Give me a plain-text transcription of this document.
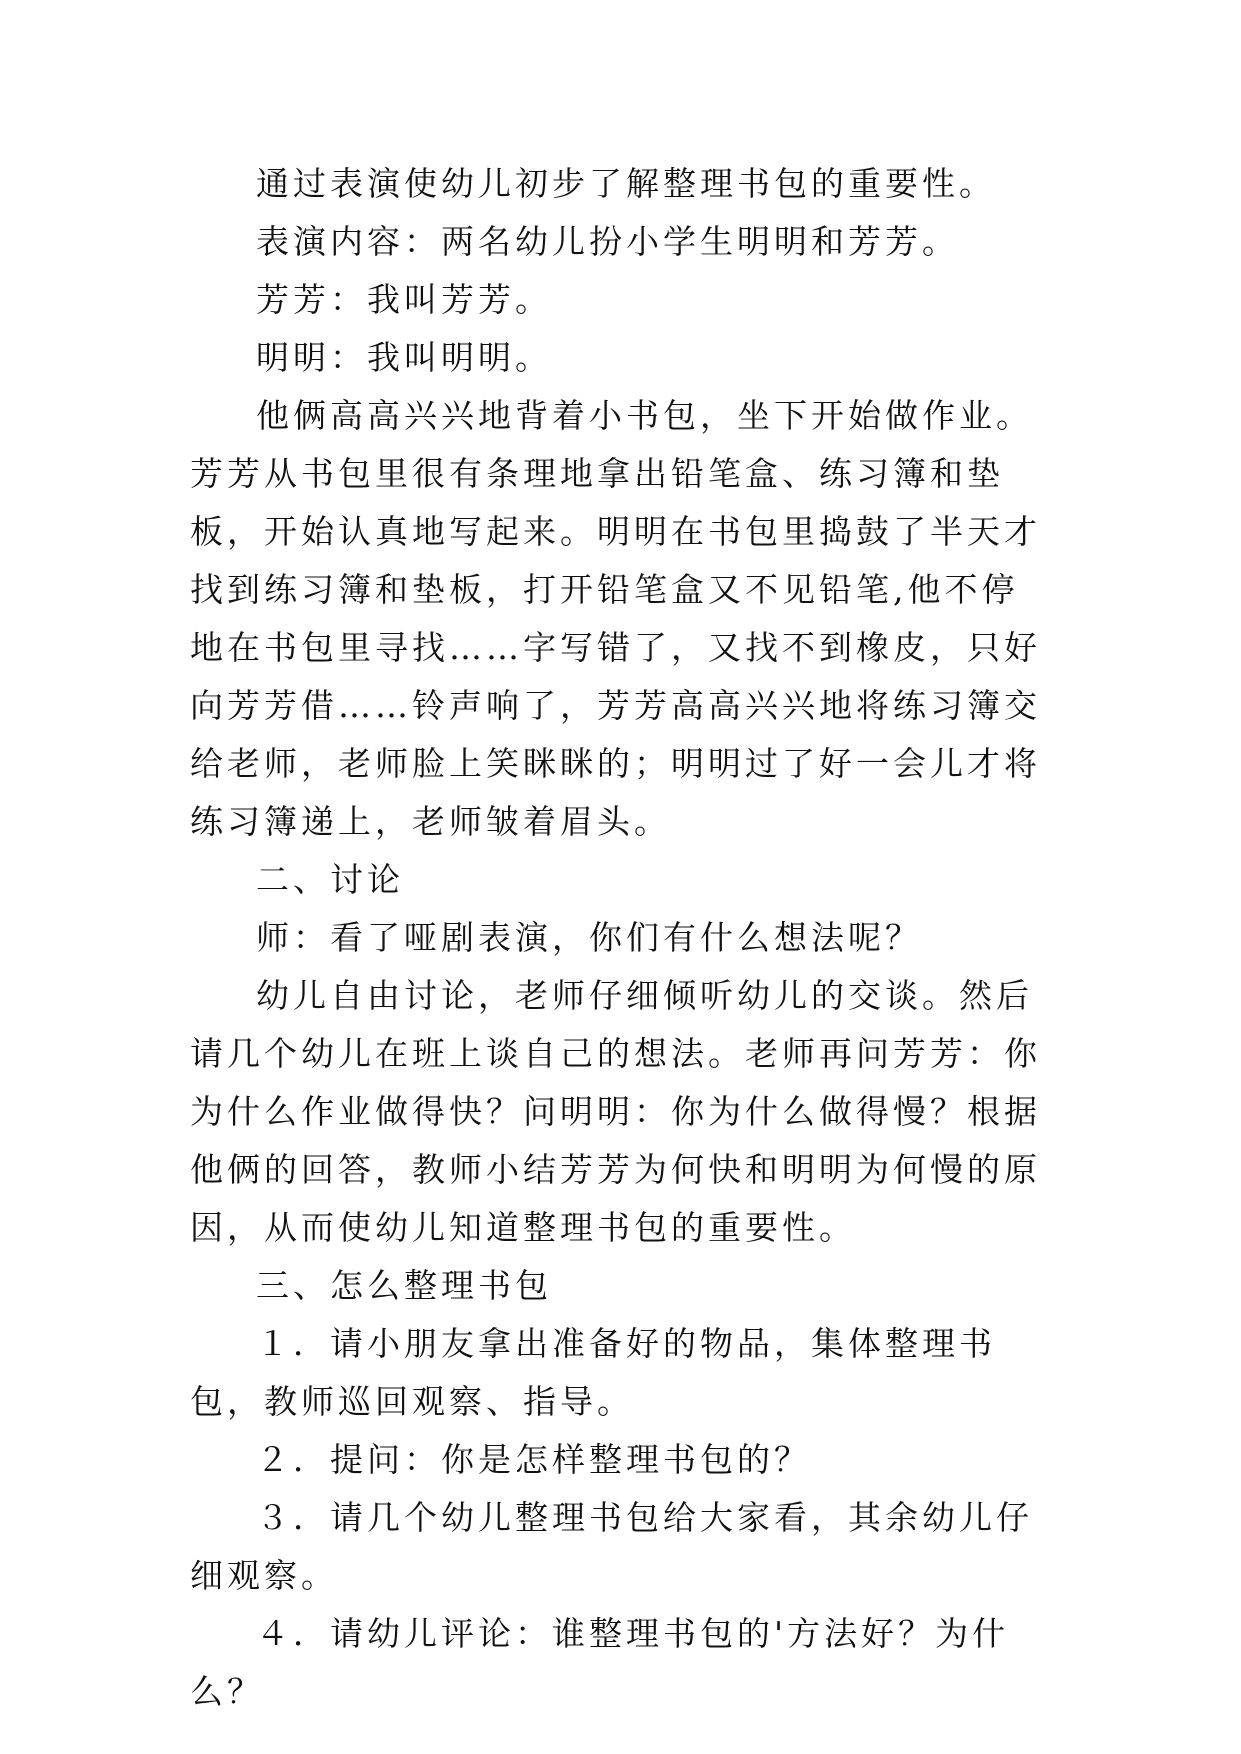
通过表演使幼儿初步了解整理书包的重要性。

表演内容：两名幼儿扮小学生明明和芳芳。

芳芳：我叫芳芳。

明明：我叫明明。

他俩高高兴兴地背着小书包，坐下开始做作业。芳芳从书包里很有条理地拿出铅笔盒、练习簿和垫板，开始认真地写起来。明明在书包里捣鼓了半天才找到练习簿和垫板，打开铅笔盒又不见铅笔,他不停地在书包里寻找……字写错了，又找不到橡皮，只好向芳芳借……铃声响了，芳芳高高兴兴地将练习簿交给老师，老师脸上笑眯眯的；明明过了好一会儿才将练习簿递上，老师皱着眉头。

二、讨论

师：看了哑剧表演，你们有什么想法呢？

幼儿自由讨论，老师仔细倾听幼儿的交谈。然后请几个幼儿在班上谈自己的想法。老师再问芳芳：你为什么作业做得快？问明明：你为什么做得慢？根据他俩的回答，教师小结芳芳为何快和明明为何慢的原因，从而使幼儿知道整理书包的重要性。

三、怎么整理书包

１．请小朋友拿出准备好的物品，集体整理书包，教师巡回观察、指导。

２．提问：你是怎样整理书包的？

３．请几个幼儿整理书包给大家看，其余幼儿仔细观察。

４．请幼儿评论：谁整理书包的'方法好？为什么？
